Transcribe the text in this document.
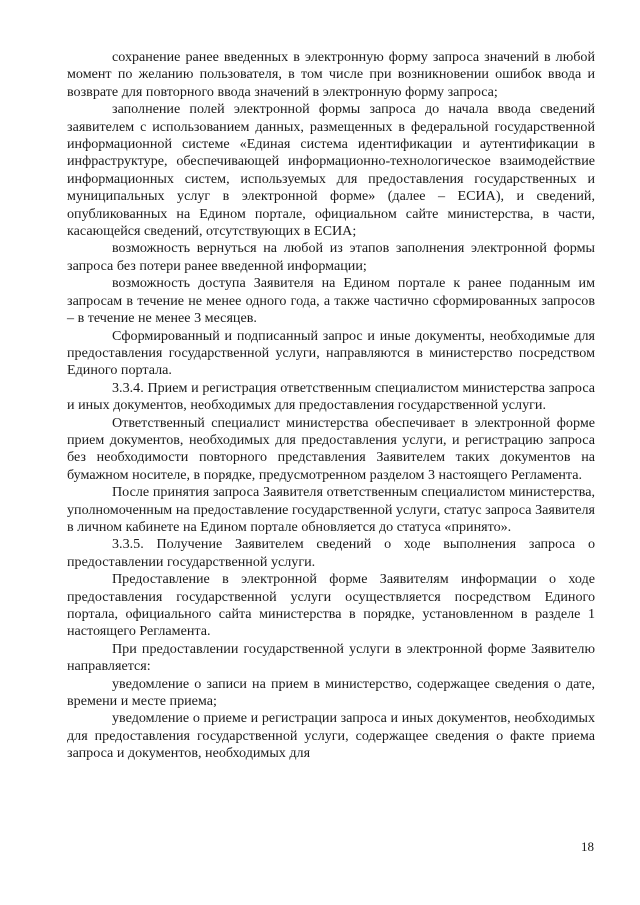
сохранение ранее введенных в электронную форму запроса значений в любой момент по желанию пользователя, в том числе при возникновении ошибок ввода и возврате для повторного ввода значений в электронную форму запроса;

заполнение полей электронной формы запроса до начала ввода сведений заявителем с использованием данных, размещенных в федеральной государственной информационной системе «Единая система идентификации и аутентификации в инфраструктуре, обеспечивающей информационно-технологическое взаимодействие информационных систем, используемых для предоставления государственных и муниципальных услуг в электронной форме» (далее – ЕСИА), и сведений, опубликованных на Едином портале, официальном сайте министерства, в части, касающейся сведений, отсутствующих в ЕСИА;

возможность вернуться на любой из этапов заполнения электронной формы запроса без потери ранее введенной информации;

возможность доступа Заявителя на Едином портале к ранее поданным им запросам в течение не менее одного года, а также частично сформированных запросов – в течение не менее 3 месяцев.

Сформированный и подписанный запрос и иные документы, необходимые для предоставления государственной услуги, направляются в министерство посредством Единого портала.

3.3.4. Прием и регистрация ответственным специалистом министерства запроса и иных документов, необходимых для предоставления государственной услуги.

Ответственный специалист министерства обеспечивает в электронной форме прием документов, необходимых для предоставления услуги, и регистрацию запроса без необходимости повторного представления Заявителем таких документов на бумажном носителе, в порядке, предусмотренном разделом 3 настоящего Регламента.

После принятия запроса Заявителя ответственным специалистом министерства, уполномоченным на предоставление государственной услуги, статус запроса Заявителя в личном кабинете на Едином портале обновляется до статуса «принято».

3.3.5. Получение Заявителем сведений о ходе выполнения запроса о предоставлении государственной услуги.

Предоставление в электронной форме Заявителям информации о ходе предоставления государственной услуги осуществляется посредством Единого портала, официального сайта министерства в порядке, установленном в разделе 1 настоящего Регламента.

При предоставлении государственной услуги в электронной форме Заявителю направляется:

уведомление о записи на прием в министерство, содержащее сведения о дате, времени и месте приема;

уведомление о приеме и регистрации запроса и иных документов, необходимых для предоставления государственной услуги, содержащее сведения о факте приема запроса и документов, необходимых для

18
